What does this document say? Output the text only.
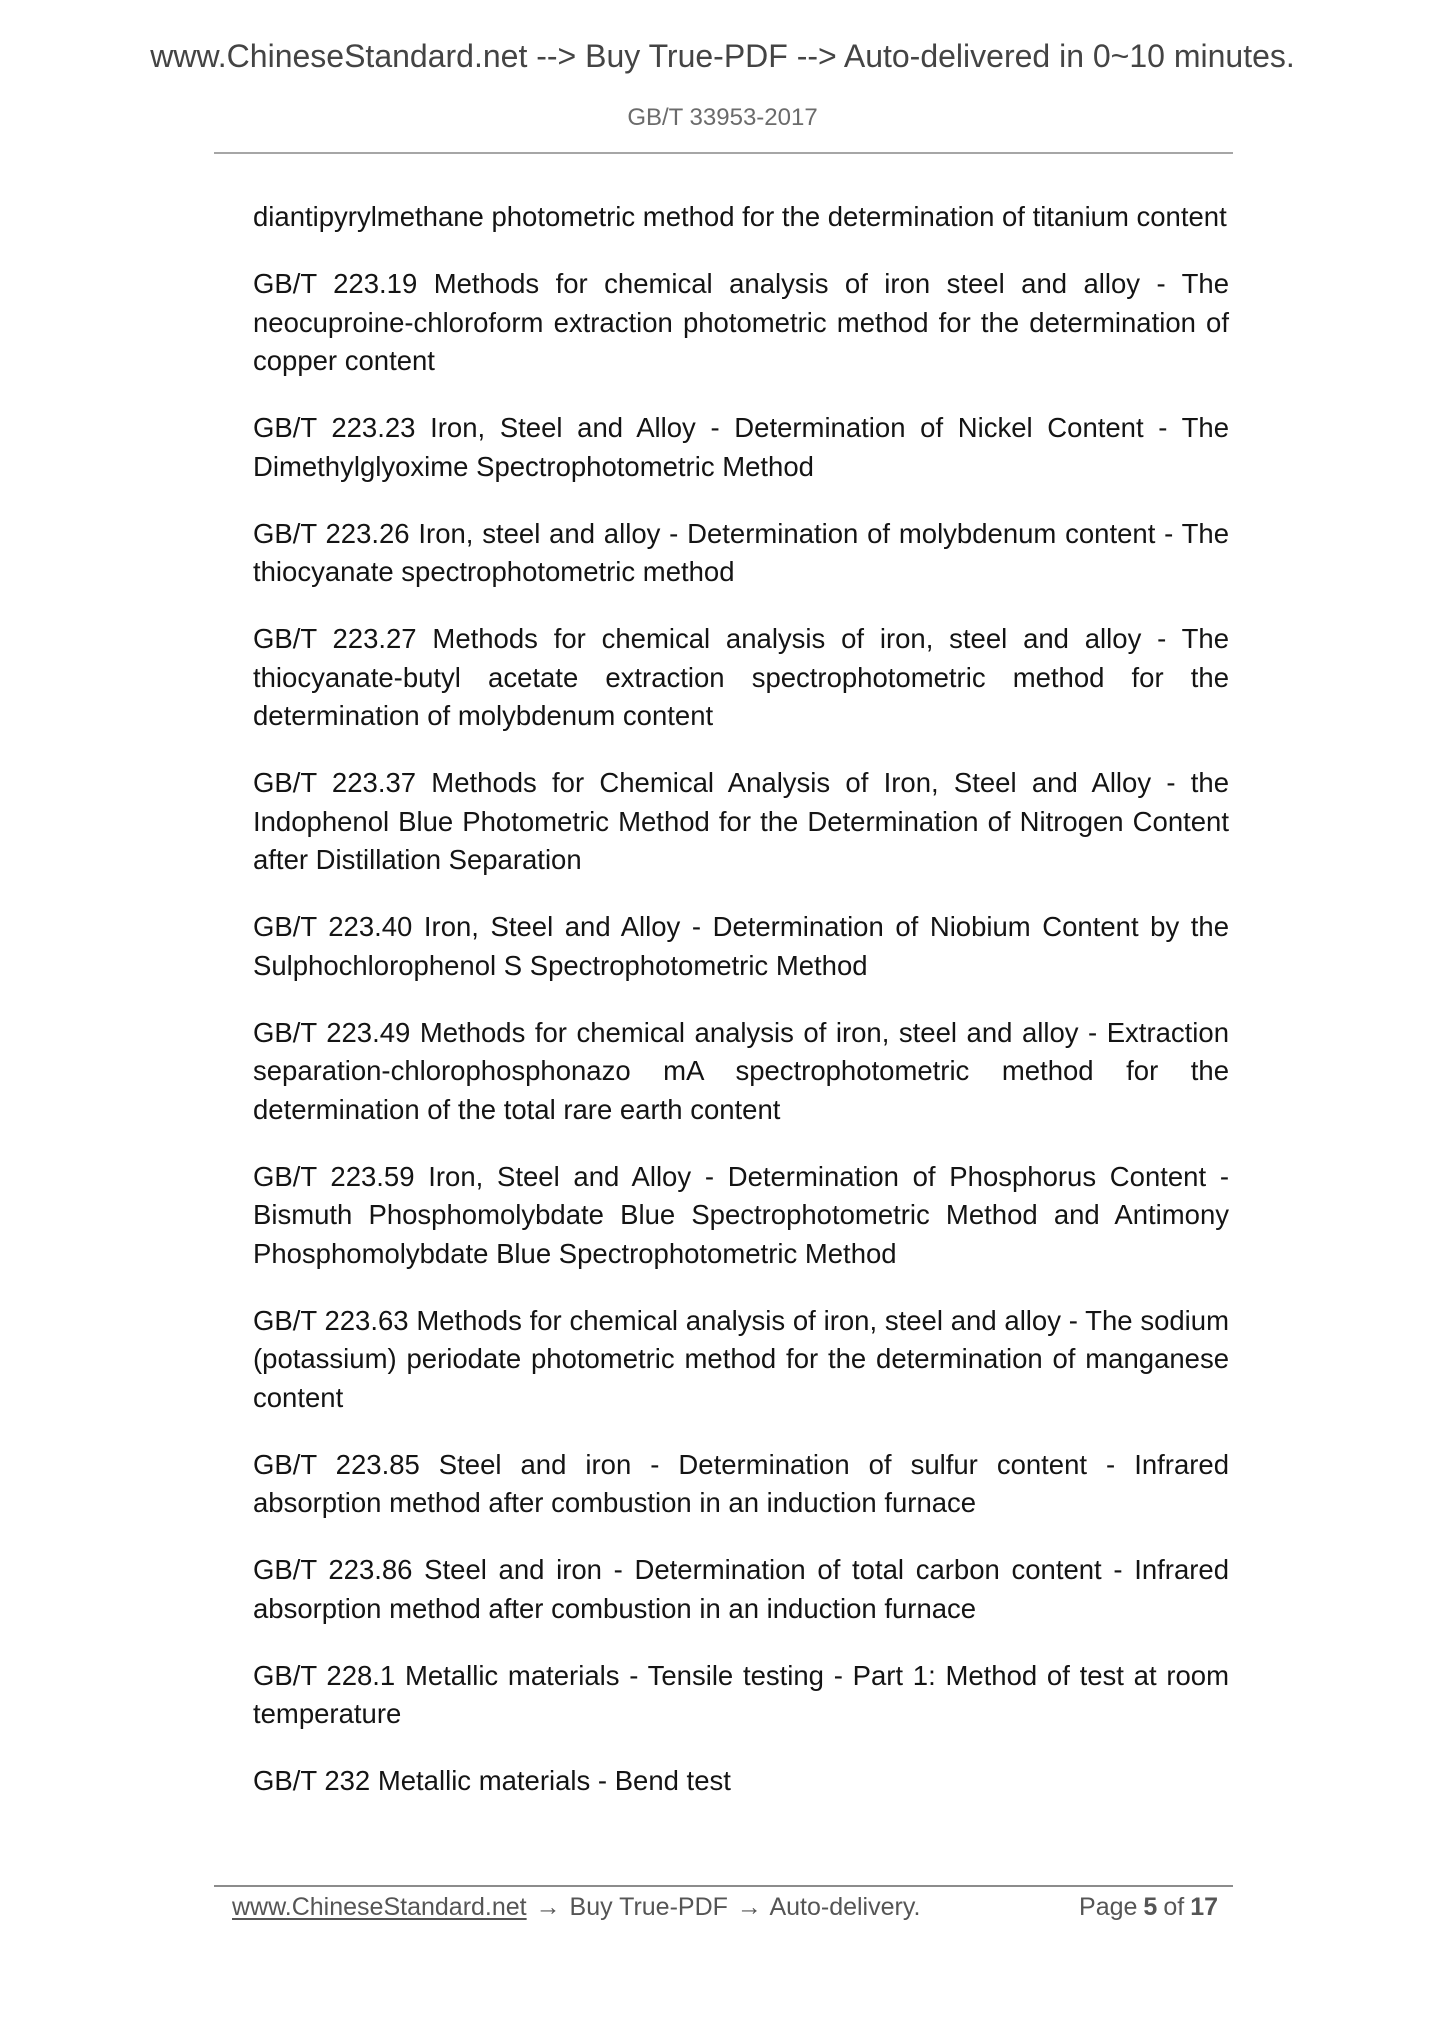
www.ChineseStandard.net --> Buy True-PDF --> Auto-delivered in 0~10 minutes.
GB/T 33953-2017

diantipyrylmethane photometric method for the determination of titanium content

GB/T 223.19 Methods for chemical analysis of iron steel and alloy - The neocuproine-chloroform extraction photometric method for the determination of copper content

GB/T 223.23 Iron, Steel and Alloy - Determination of Nickel Content - The Dimethylglyoxime Spectrophotometric Method

GB/T 223.26 Iron, steel and alloy - Determination of molybdenum content - The thiocyanate spectrophotometric method

GB/T 223.27 Methods for chemical analysis of iron, steel and alloy - The thiocyanate-butyl acetate extraction spectrophotometric method for the determination of molybdenum content

GB/T 223.37 Methods for Chemical Analysis of Iron, Steel and Alloy - the Indophenol Blue Photometric Method for the Determination of Nitrogen Content after Distillation Separation

GB/T 223.40 Iron, Steel and Alloy - Determination of Niobium Content by the Sulphochlorophenol S Spectrophotometric Method

GB/T 223.49 Methods for chemical analysis of iron, steel and alloy - Extraction separation-chlorophosphonazo mA spectrophotometric method for the determination of the total rare earth content

GB/T 223.59 Iron, Steel and Alloy - Determination of Phosphorus Content - Bismuth Phosphomolybdate Blue Spectrophotometric Method and Antimony Phosphomolybdate Blue Spectrophotometric Method

GB/T 223.63 Methods for chemical analysis of iron, steel and alloy - The sodium (potassium) periodate photometric method for the determination of manganese content

GB/T 223.85 Steel and iron - Determination of sulfur content - Infrared absorption method after combustion in an induction furnace

GB/T 223.86 Steel and iron - Determination of total carbon content - Infrared absorption method after combustion in an induction furnace

GB/T 228.1 Metallic materials - Tensile testing - Part 1: Method of test at room temperature

GB/T 232 Metallic materials - Bend test

www.ChineseStandard.net → Buy True-PDF → Auto-delivery.	Page 5 of 17
